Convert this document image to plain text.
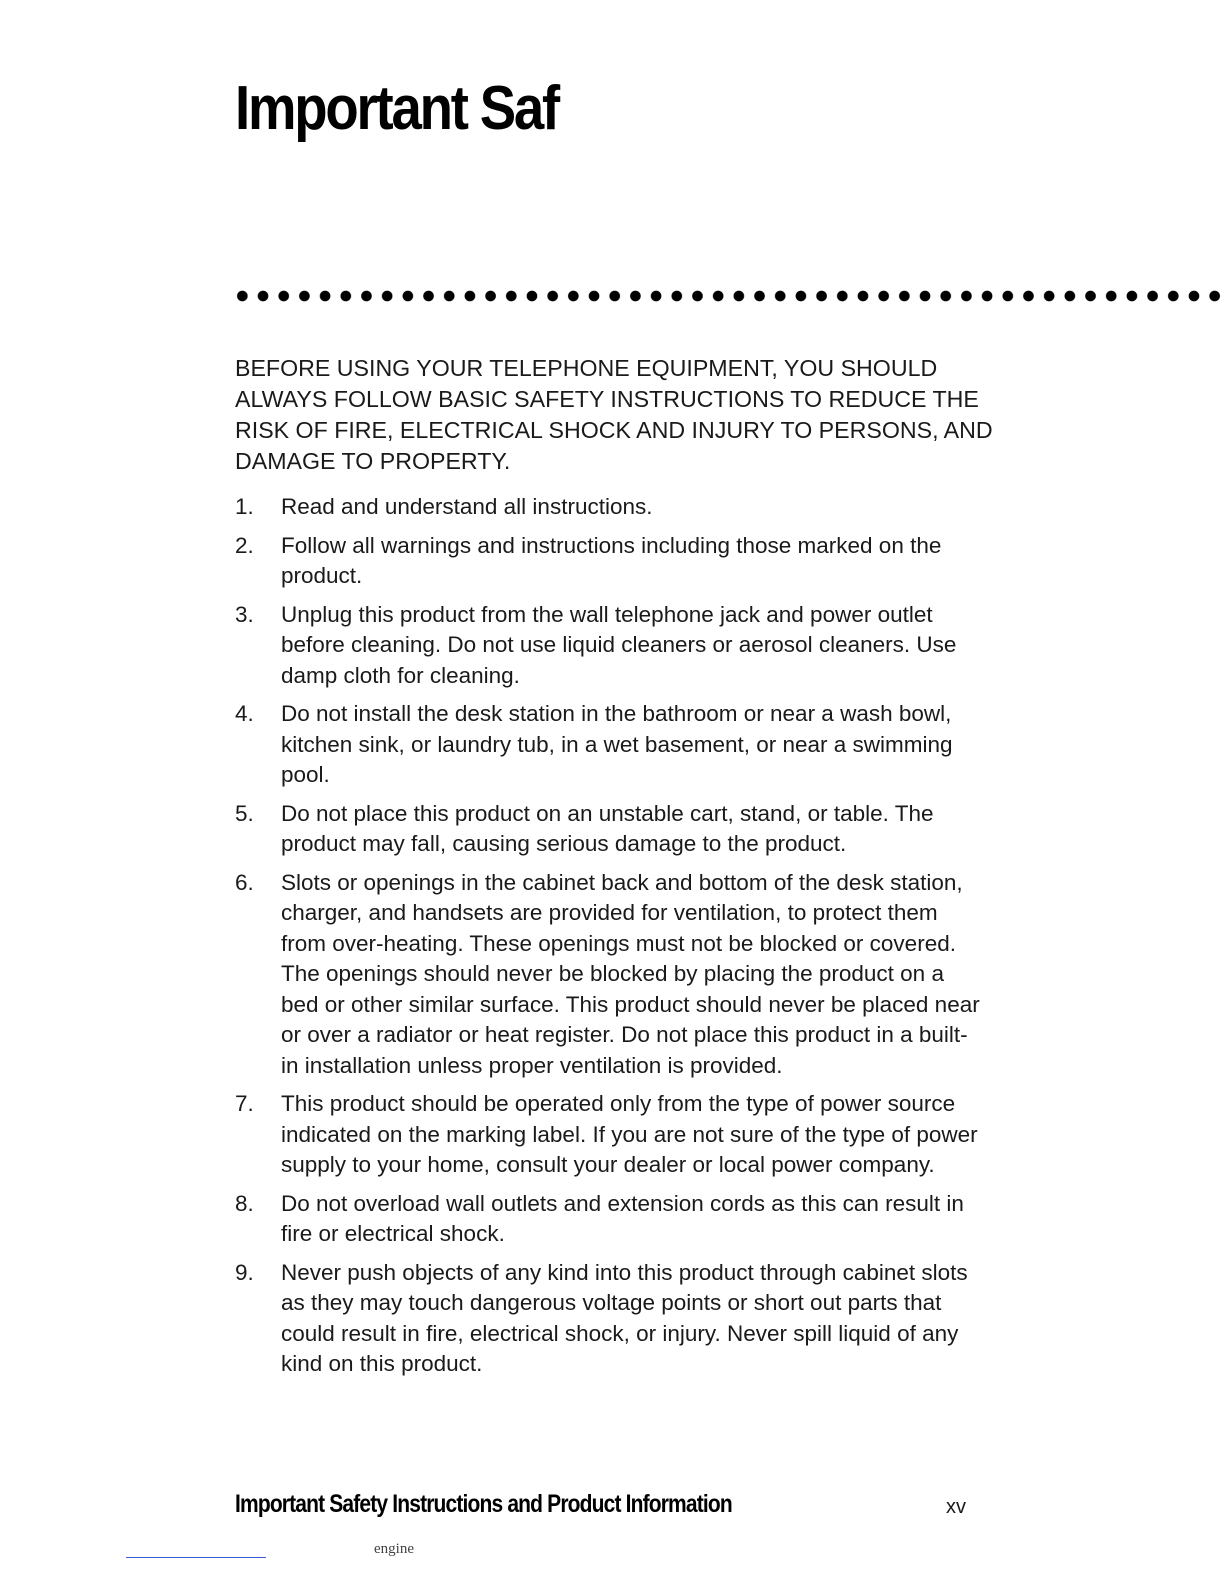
Important Saf

BEFORE USING YOUR TELEPHONE EQUIPMENT, YOU SHOULD ALWAYS FOLLOW BASIC SAFETY INSTRUCTIONS TO REDUCE THE RISK OF FIRE, ELECTRICAL SHOCK AND INJURY TO PERSONS, AND DAMAGE TO PROPERTY.

1.	Read and understand all instructions.
2.	Follow all warnings and instructions including those marked on the product.
3.	Unplug this product from the wall telephone jack and power outlet before cleaning. Do not use liquid cleaners or aerosol cleaners. Use damp cloth for cleaning.
4.	Do not install the desk station in the bathroom or near a wash bowl, kitchen sink, or laundry tub, in a wet basement, or near a swimming pool.
5.	Do not place this product on an unstable cart, stand, or table. The product may fall, causing serious damage to the product.
6.	Slots or openings in the cabinet back and bottom of the desk station, charger, and handsets are provided for ventilation, to protect them from over-heating. These openings must not be blocked or covered. The openings should never be blocked by placing the product on a bed or other similar surface. This product should never be placed near or over a radiator or heat register. Do not place this product in a built-in installation unless proper ventilation is provided.
7.	This product should be operated only from the type of power source indicated on the marking label. If you are not sure of the type of power supply to your home, consult your dealer or local power company.
8.	Do not overload wall outlets and extension cords as this can result in fire or electrical shock.
9.	Never push objects of any kind into this product through cabinet slots as they may touch dangerous voltage points or short out parts that could result in fire, electrical shock, or injury. Never spill liquid of any kind on this product.
Important Safety Instructions and Product Information	xv
engine
